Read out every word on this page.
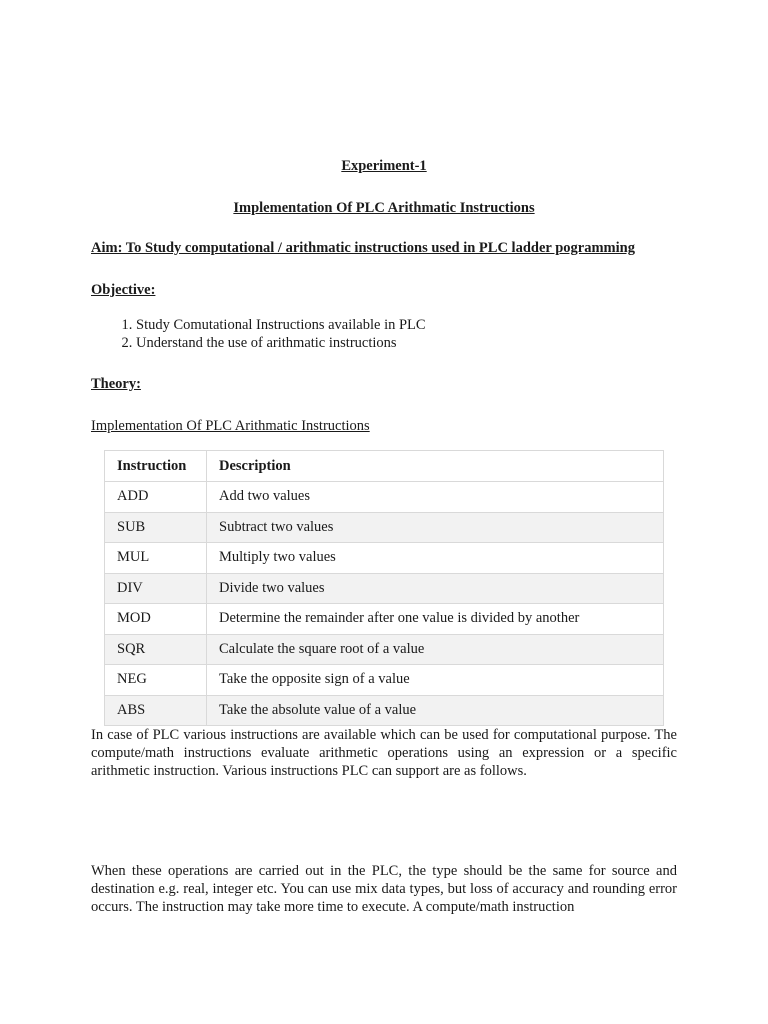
Experiment-1
Implementation Of PLC Arithmatic Instructions
Aim: To Study computational / arithmatic instructions used in PLC ladder pogramming
Objective:
1. Study Comutational Instructions available in PLC
2. Understand the use of arithmatic instructions
Theory:
Implementation Of PLC Arithmatic Instructions
Instruction	Description
ADD	Add two values
SUB	Subtract two values
MUL	Multiply two values
DIV	Divide two values
MOD	Determine the remainder after one value is divided by another
SQR	Calculate the square root of a value
NEG	Take the opposite sign of a value
ABS	Take the absolute value of a value

In case of PLC various instructions are available which can be used for computational purpose. The compute/math instructions evaluate arithmetic operations using an expression or a specific arithmetic instruction. Various instructions PLC can support are as follows.

When these operations are carried out in the PLC, the type should be the same for source and destination e.g. real, integer etc. You can use mix data types, but loss of accuracy and rounding error occurs. The instruction may take more time to execute. A compute/math instruction
